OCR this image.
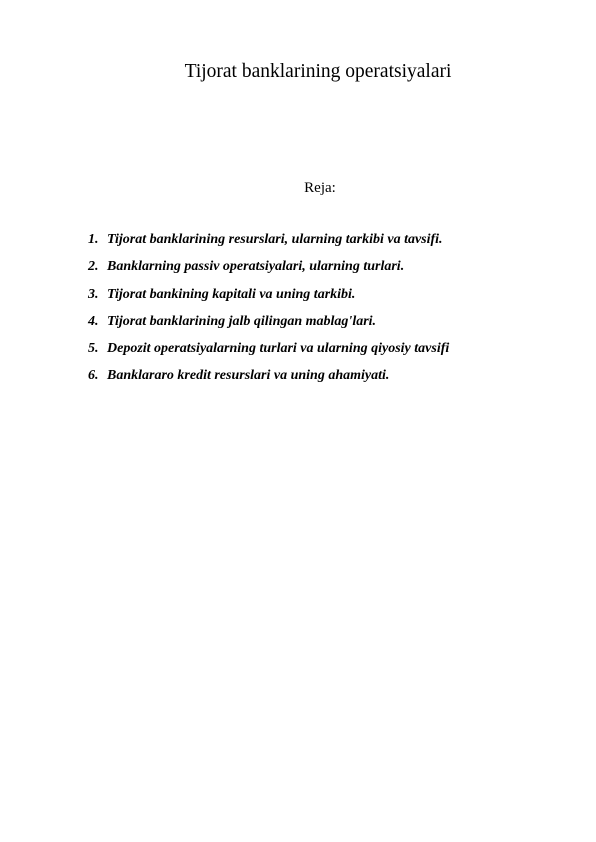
Tijorat banklarining operatsiyalari
Reja:
1. Tijorat banklarining resurslari, ularning tarkibi va tavsifi.
2. Banklarning passiv operatsiyalari, ularning turlari.
3. Tijorat bankining kapitali va uning tarkibi.
4. Tijorat banklarining jalb qilingan mablag'lari.
5. Depozit operatsiyalarning turlari va ularning qiyosiy tavsifi
6. Banklararo kredit resurslari va uning ahamiyati.
